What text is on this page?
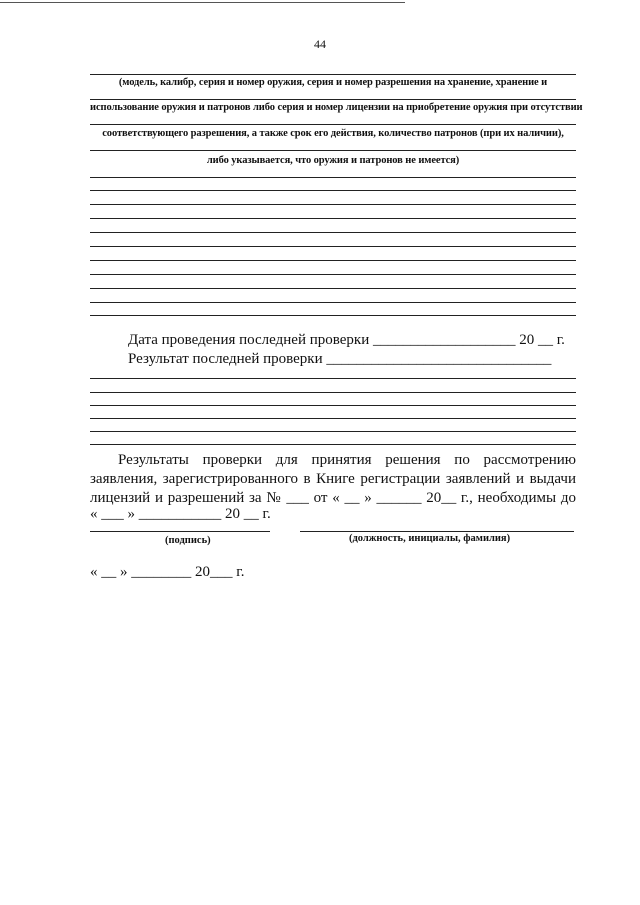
44
(модель, калибр, серия и номер оружия, серия и номер разрешения на хранение, хранение и
использование оружия и патронов либо серия и номер лицензии на приобретение оружия при отсутствии
соответствующего разрешения, а также срок его действия, количество патронов (при их наличии),
либо указывается, что оружия и патронов не имеется)
Дата проведения последней проверки ___________________ 20 __ г.
Результат последней проверки ______________________________
Результаты проверки для принятия решения по рассмотрению
заявления, зарегистрированного в Книге регистрации заявлений и выдачи
лицензий и разрешений за № ___ от « __ » ______ 20__ г., необходимы до
« ___ » ___________ 20 __ г.
(подпись)	(должность, инициалы, фамилия)
« __ » ________ 20___ г.
